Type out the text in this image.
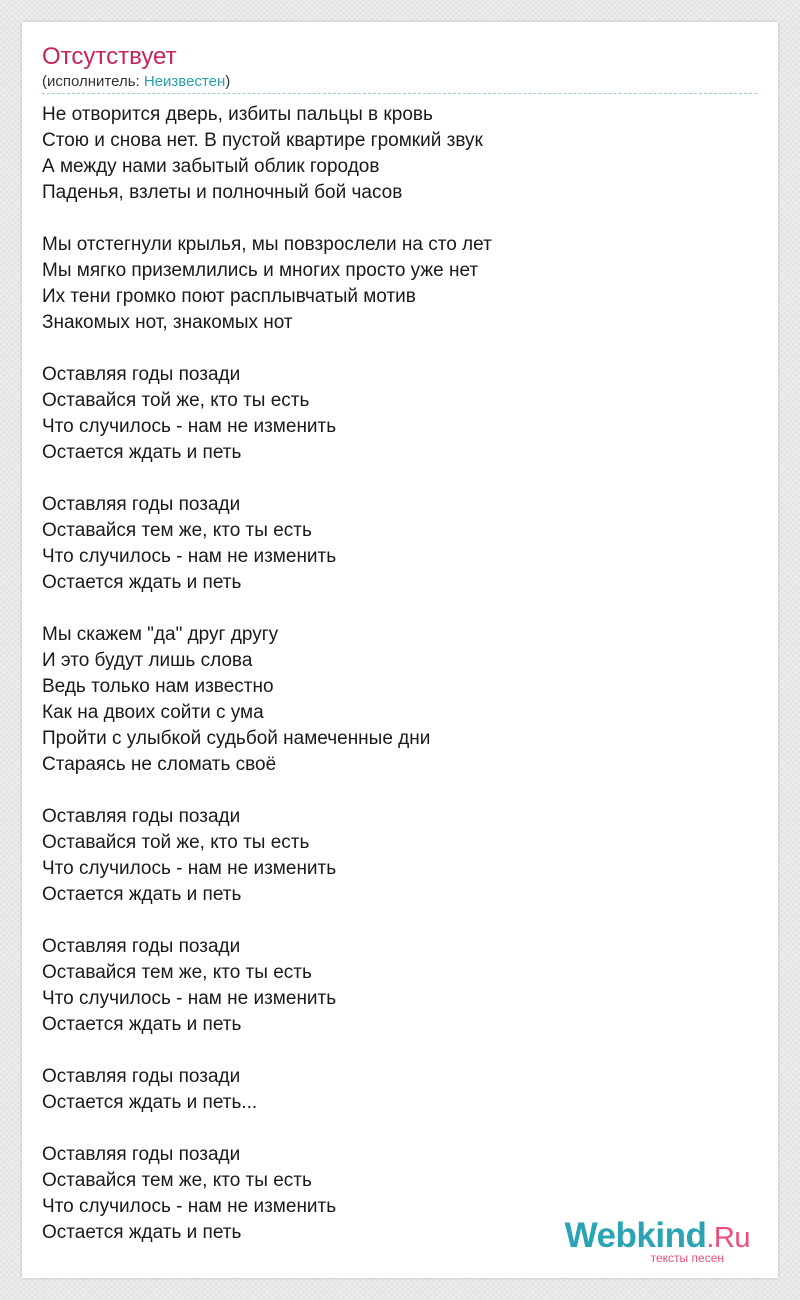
Отсутствует
(исполнитель: Неизвестен)
Не отворится дверь, избиты пальцы в кровь
Стою и снова нет. В пустой квартире громкий звук
А между нами забытый облик городов
Паденья, взлеты и полночный бой часов
Мы отстегнули крылья, мы повзрослели на сто лет
Мы мягко приземлились и многих просто уже нет
Их тени громко поют расплывчатый мотив
Знакомых нот, знакомых нот
Оставляя годы позади
Оставайся той же, кто ты есть
Что случилось - нам не изменить
Остается ждать и петь
Оставляя годы позади
Оставайся тем же, кто ты есть
Что случилось - нам не изменить
Остается ждать и петь
Мы скажем "да" друг другу
И это будут лишь слова
Ведь только нам известно
Как на двоих сойти с ума
Пройти с улыбкой судьбой намеченные дни
Стараясь не сломать своё
Оставляя годы позади
Оставайся той же, кто ты есть
Что случилось - нам не изменить
Остается ждать и петь
Оставляя годы позади
Оставайся тем же, кто ты есть
Что случилось - нам не изменить
Остается ждать и петь
Оставляя годы позади
Остается ждать и петь...
Оставляя годы позади
Оставайся тем же, кто ты есть
Что случилось - нам не изменить
Остается ждать и петь	Webkind.Ru
тексты песен
